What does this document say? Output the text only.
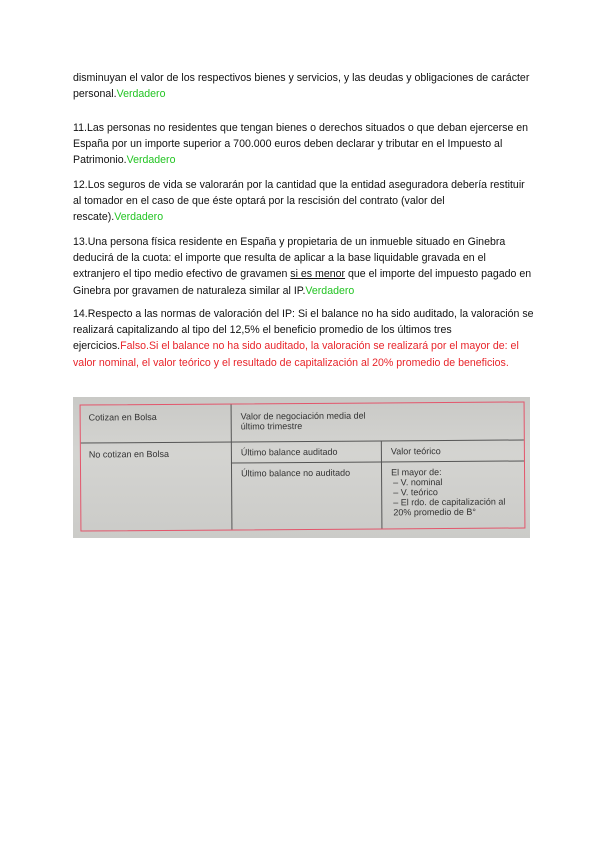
disminuyan el valor de los respectivos bienes y servicios, y las deudas y obligaciones de carácter personal.Verdadero

11.Las personas no residentes que tengan bienes o derechos situados o que deban ejercerse en España por un importe superior a 700.000 euros deben declarar y tributar en el Impuesto al Patrimonio.Verdadero

12.Los seguros de vida se valorarán por la cantidad que la entidad aseguradora debería restituir al tomador en el caso de que éste optará por la rescisión del contrato (valor del rescate).Verdadero

13.Una persona física residente en España y propietaria de un inmueble situado en Ginebra deducirá de la cuota: el importe que resulta de aplicar a la base liquidable gravada en el extranjero el tipo medio efectivo de gravamen si es menor que el importe del impuesto pagado en Ginebra por gravamen de naturaleza similar al IP.Verdadero

14.Respecto a las normas de valoración del IP: Si el balance no ha sido auditado, la valoración se realizará capitalizando al tipo del 12,5% el beneficio promedio de los últimos tres ejercicios.Falso.Si el balance no ha sido auditado, la valoración se realizará por el mayor de: el valor nominal, el valor teórico y el resultado de capitalización al 20% promedio de beneficios.

Cotizan en Bolsa	Valor de negociación media del último trimestre
No cotizan en Bolsa	Último balance auditado	Valor teórico
Último balance no auditado	El mayor de:
– V. nominal
– V. teórico
– El rdo. de capitalización al 20% promedio de B°
